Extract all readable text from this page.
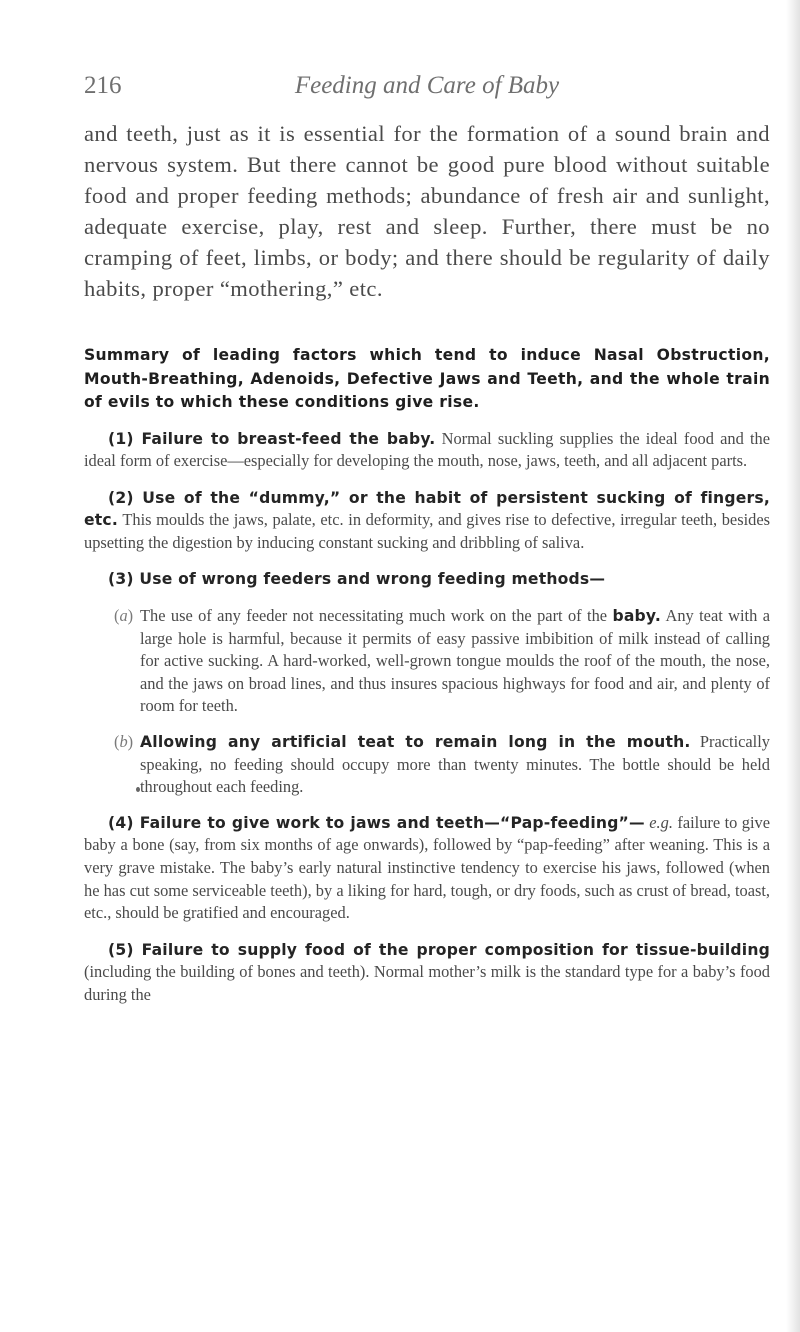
216	Feeding and Care of Baby

and teeth, just as it is essential for the formation of a sound brain and nervous system. But there cannot be good pure blood without suitable food and proper feeding methods; abundance of fresh air and sunlight, adequate exercise, play, rest and sleep. Further, there must be no cramping of feet, limbs, or body; and there should be regularity of daily habits, proper “mothering,” etc.

Summary of leading factors which tend to induce Nasal Obstruction, Mouth-Breathing, Adenoids, Defective Jaws and Teeth, and the whole train of evils to which these conditions give rise.

(1) Failure to breast-feed the baby. Normal suckling supplies the ideal food and the ideal form of exercise—especially for developing the mouth, nose, jaws, teeth, and all adjacent parts.

(2) Use of the “dummy,” or the habit of persistent sucking of fingers, etc. This moulds the jaws, palate, etc. in deformity, and gives rise to defective, irregular teeth, besides upsetting the digestion by inducing constant sucking and dribbling of saliva.

(3) Use of wrong feeders and wrong feeding methods—

(a) The use of any feeder not necessitating much work on the part of the baby. Any teat with a large hole is harmful, because it permits of easy passive imbibition of milk instead of calling for active sucking. A hard-worked, well-grown tongue moulds the roof of the mouth, the nose, and the jaws on broad lines, and thus insures spacious highways for food and air, and plenty of room for teeth.

(b) Allowing any artificial teat to remain long in the mouth. Practically speaking, no feeding should occupy more than twenty minutes. The bottle should be held throughout each feeding.

(4) Failure to give work to jaws and teeth—“Pap-feeding”— e.g. failure to give baby a bone (say, from six months of age onwards), followed by “pap-feeding” after weaning. This is a very grave mistake. The baby’s early natural instinctive tendency to exercise his jaws, followed (when he has cut some serviceable teeth), by a liking for hard, tough, or dry foods, such as crust of bread, toast, etc., should be gratified and encouraged.

(5) Failure to supply food of the proper composition for tissue-building (including the building of bones and teeth). Normal mother’s milk is the standard type for a baby’s food during the
